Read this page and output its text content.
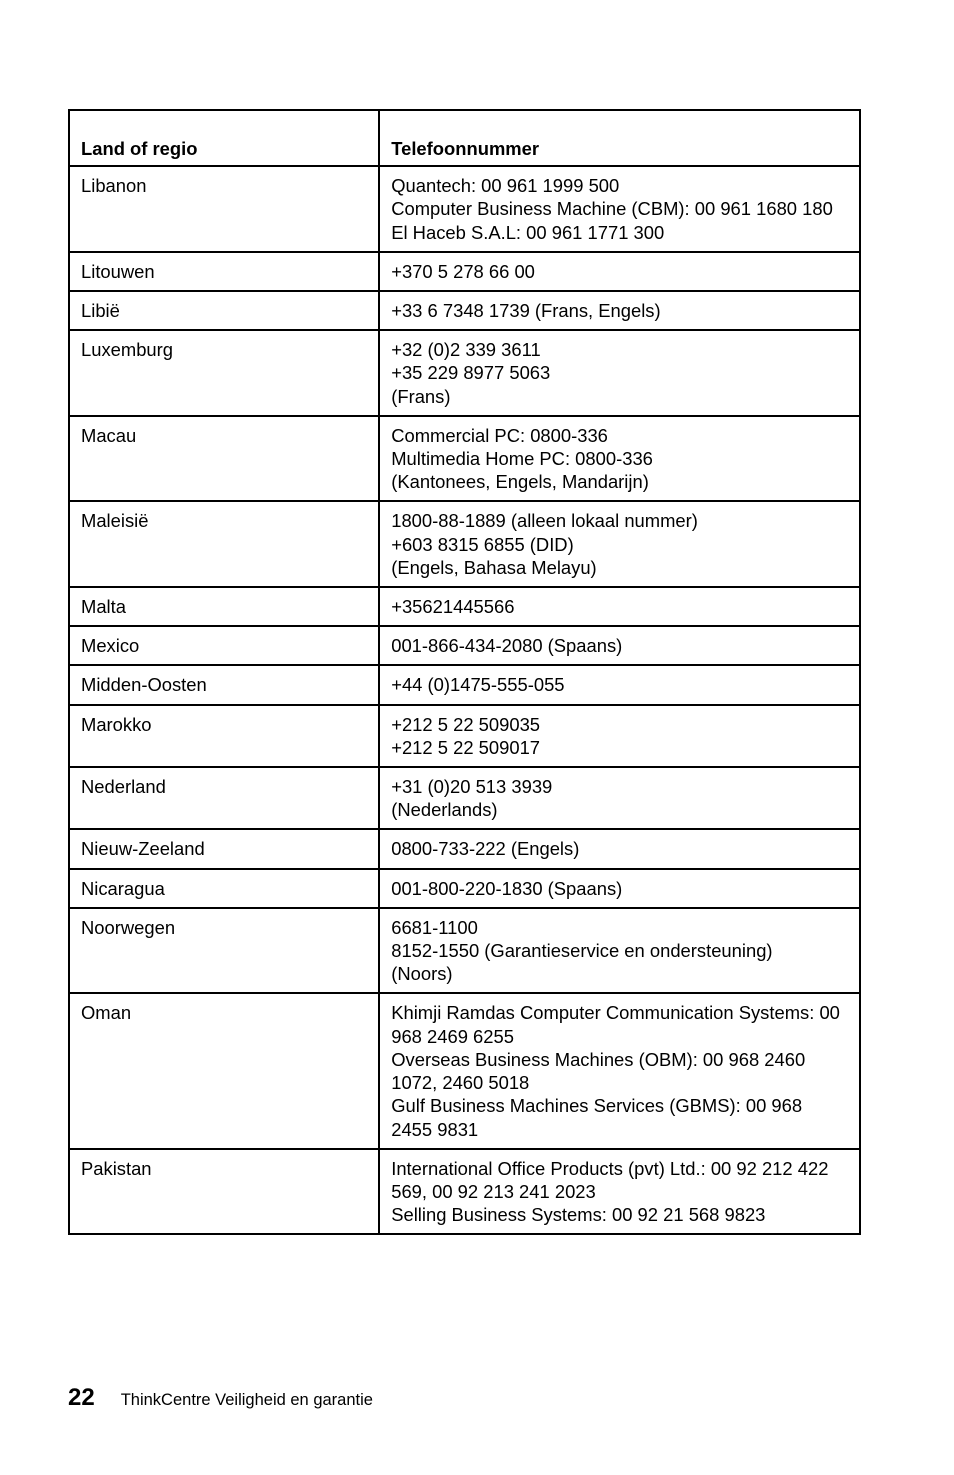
Land of regio	Telefoonnummer
Libanon	Quantech: 00 961 1999 500
Computer Business Machine (CBM): 00 961 1680 180
El Haceb S.A.L: 00 961 1771 300

Litouwen	+370 5 278 66 00

Libië	+33 6 7348 1739 (Frans, Engels)

Luxemburg	+32 (0)2 339 3611
+35 229 8977 5063
(Frans)

Macau	Commercial PC: 0800-336
Multimedia Home PC: 0800-336
(Kantonees, Engels, Mandarijn)

Maleisië	1800-88-1889 (alleen lokaal nummer)
+603 8315 6855 (DID)
(Engels, Bahasa Melayu)

Malta	+35621445566

Mexico	001-866-434-2080 (Spaans)

Midden-Oosten	+44 (0)1475-555-055

Marokko	+212 5 22 509035
+212 5 22 509017

Nederland	+31 (0)20 513 3939
(Nederlands)

Nieuw-Zeeland	0800-733-222 (Engels)

Nicaragua	001-800-220-1830 (Spaans)

Noorwegen	6681-1100
8152-1550 (Garantieservice en ondersteuning)
(Noors)

Oman	Khimji Ramdas Computer Communication Systems: 00 968 2469 6255
Overseas Business Machines (OBM): 00 968 2460 1072, 2460 5018
Gulf Business Machines Services (GBMS): 00 968 2455 9831

Pakistan	International Office Products (pvt) Ltd.: 00 92 212 422 569, 00 92 213 241 2023
Selling Business Systems: 00 92 21 568 9823
22 ThinkCentre Veiligheid en garantie
